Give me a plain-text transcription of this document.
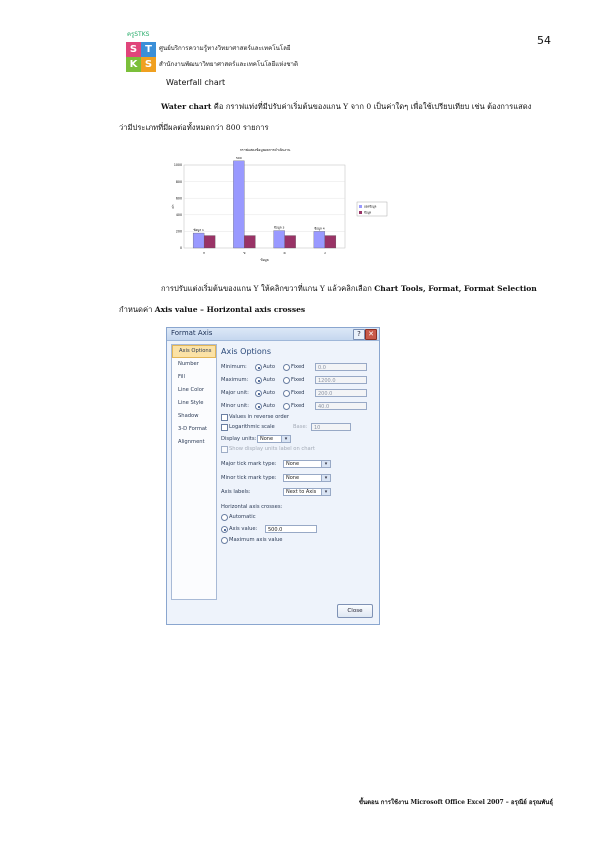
54
ครูSTKS
S T
K S
ศูนย์บริการความรู้ทางวิทยาศาสตร์และเทคโนโลยี
สำนักงานพัฒนาวิทยาศาสตร์และเทคโนโลยีแห่งชาติ
Waterfall chart
Water chart คือ กราฟแท่งที่มีปรับค่าเริ่มต้นของแกน Y จาก 0 เป็นค่าใดๆ เพื่อใช้เปรียบเทียบ เช่น ต้องการแสดงว่ามีประเภทที่มีผลต่อทั้งหมดกว่า 800 รายการ
กราฟแสดงข้อมูลผลการดำเนินงาน
0
200
400
600
800
1000
ก
ข้อมูล 1
ข
500
ค
ข้อมูล 3
ง
ข้อมูล 4
ข้อมูล
ค่า	ยอดข้อมูล
ข้อมูล
การปรับแต่งเริ่มต้นของแกน Y ให้คลิกขวาที่แกน Y แล้วคลิกเลือก Chart Tools, Format, Format Selection กำหนดค่า Axis value – Horizontal axis crosses
Format Axis	?	✕
Axis Options
Number
Fill
Line Color
Line Style
Shadow
3-D Format
Alignment
Axis Options
Minimum:	Auto	Fixed	0.0
Maximum:	Auto	Fixed	1200.0
Major unit:	Auto	Fixed	200.0
Minor unit:	Auto	Fixed	40.0
Values in reverse order
Logarithmic scale	Base:	10
Display units: None	▾
Show display units label on chart
Major tick mark type:	None	▾
Minor tick mark type:	None	▾
Axis labels:	Next to Axis	▾
Horizontal axis crosses:
Automatic
Axis value:	500.0
Maximum axis value
Close
ขั้นตอน การใช้งาน Microsoft Office Excel 2007 – อรุณีย์ อรุณพันธุ์
